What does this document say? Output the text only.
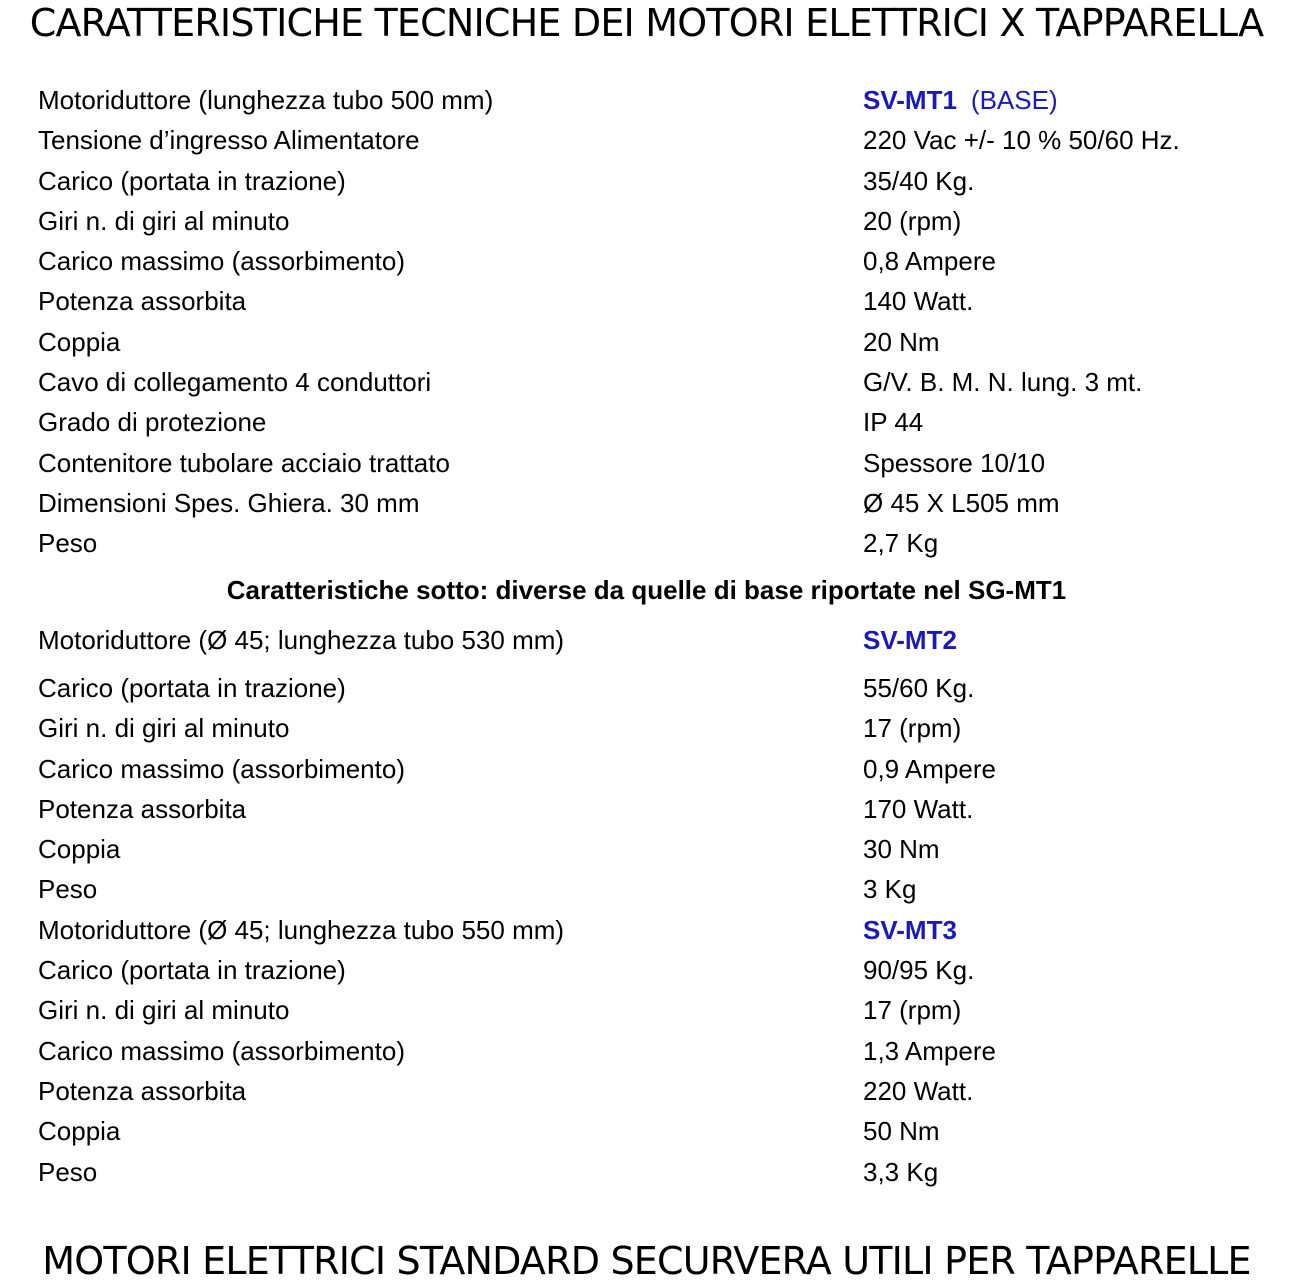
CARATTERISTICHE TECNICHE DEI MOTORI ELETTRICI X TAPPARELLA
Motoriduttore (lunghezza tubo 500 mm)	SV-MT1 (BASE)
Tensione d’ingresso Alimentatore	220 Vac +/- 10 % 50/60 Hz.
Carico (portata in trazione)	35/40 Kg.
Giri n. di giri al minuto	20 (rpm)
Carico massimo (assorbimento)	0,8 Ampere
Potenza assorbita	140 Watt.
Coppia	20 Nm
Cavo di collegamento 4 conduttori	G/V. B. M. N. lung. 3 mt.
Grado di protezione	IP 44
Contenitore tubolare acciaio trattato	Spessore 10/10
Dimensioni Spes. Ghiera. 30 mm	Ø 45 X L505 mm
Peso	2,7 Kg
Caratteristiche sotto: diverse da quelle di base riportate nel SG-MT1
Motoriduttore (Ø 45; lunghezza tubo 530 mm)	SV-MT2
Carico (portata in trazione)	55/60 Kg.
Giri n. di giri al minuto	17 (rpm)
Carico massimo (assorbimento)	0,9 Ampere
Potenza assorbita	170 Watt.
Coppia	30 Nm
Peso	3 Kg
Motoriduttore (Ø 45; lunghezza tubo 550 mm)	SV-MT3
Carico (portata in trazione)	90/95 Kg.
Giri n. di giri al minuto	17 (rpm)
Carico massimo (assorbimento)	1,3 Ampere
Potenza assorbita	220 Watt.
Coppia	50 Nm
Peso	3,3 Kg
MOTORI ELETTRICI STANDARD SECURVERA UTILI PER TAPPARELLE
